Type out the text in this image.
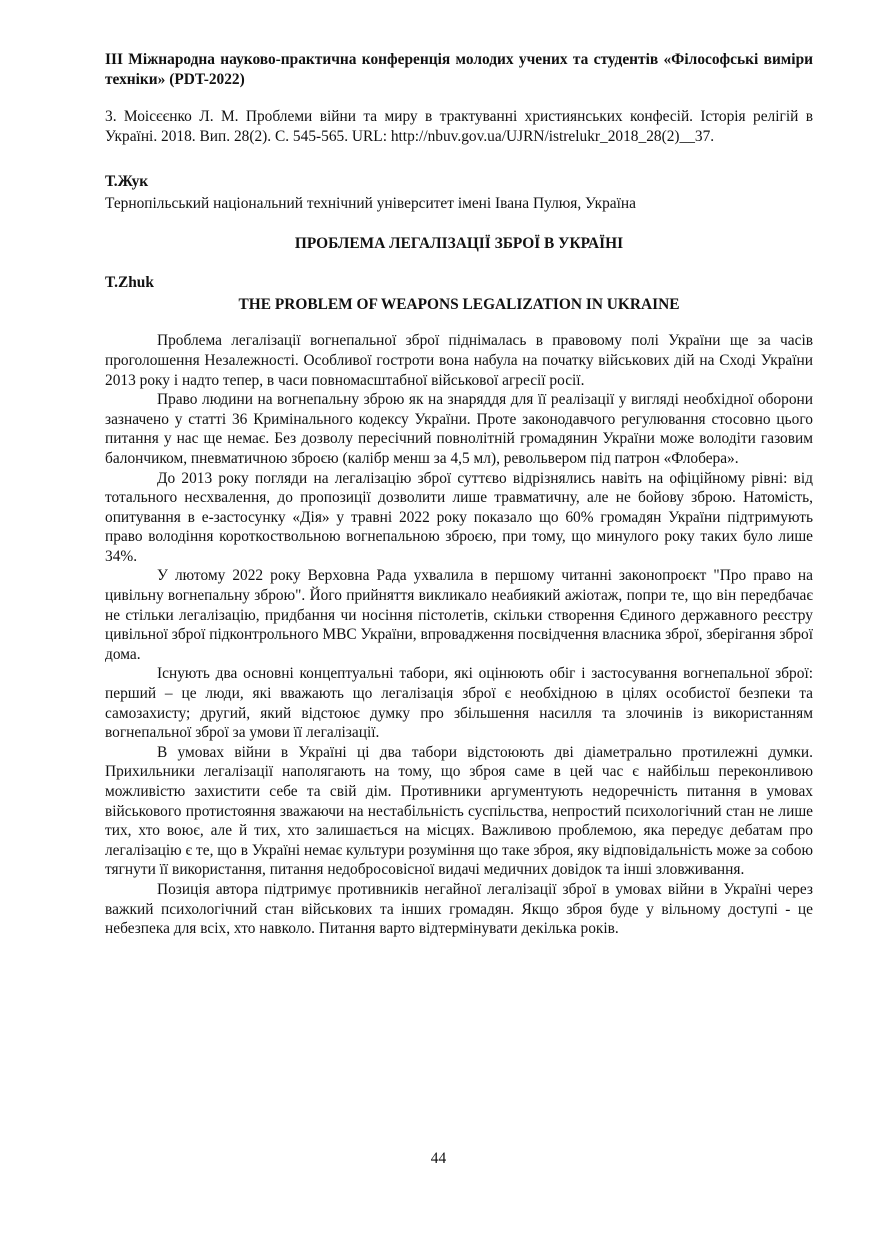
ІІІ Міжнародна науково-практична конференція молодих учених та студентів «Філософські виміри техніки» (PDT-2022)

3. Моісєєнко Л. М. Проблеми війни та миру в трактуванні християнських конфесій. Історія релігій в Україні. 2018. Вип. 28(2). С. 545-565. URL: http://nbuv.gov.ua/UJRN/istrelukr_2018_28(2)__37.

Т.Жук

Тернопільський національний технічний університет імені Івана Пулюя, Україна

ПРОБЛЕМА ЛЕГАЛІЗАЦІЇ ЗБРОЇ В УКРАЇНІ

T.Zhuk

THE PROBLEM OF WEAPONS LEGALIZATION IN UKRAINE

Проблема легалізації вогнепальної зброї піднімалась в правовому полі України ще за часів проголошення Незалежності. Особливої гостроти вона набула на початку військових дій на Сході України 2013 року і надто тепер, в часи повномасштабної військової агресії росії.

Право людини на вогнепальну зброю як на знаряддя для її реалізації у вигляді необхідної оборони зазначено у статті 36 Кримінального кодексу України. Проте законодавчого регулювання стосовно цього питання у нас ще немає. Без дозволу пересічний повнолітній громадянин України може володіти газовим балончиком, пневматичною зброєю (калібр менш за 4,5 мл), револьвером під патрон «Флобера».

До 2013 року погляди на легалізацію зброї суттєво відрізнялись навіть на офіційному рівні: від тотального несхвалення, до пропозиції дозволити лише травматичну, але не бойову зброю. Натомість, опитування в е-застосунку «Дія» у травні 2022 року показало що 60% громадян України підтримують право володіння короткоствольною вогнепальною зброєю, при тому, що минулого року таких було лише 34%.

У лютому 2022 року Верховна Рада ухвалила в першому читанні законопроєкт "Про право на цивільну вогнепальну зброю". Його прийняття викликало неабиякий ажіотаж, попри те, що він передбачає не стільки легалізацію, придбання чи носіння пістолетів, скільки створення Єдиного державного реєстру цивільної зброї підконтрольного МВС України, впровадження посвідчення власника зброї, зберігання зброї дома.

Існують два основні концептуальні табори, які оцінюють обіг і застосування вогнепальної зброї: перший – це люди, які вважають що легалізація зброї є необхідною в цілях особистої безпеки та самозахисту; другий, який відстоює думку про збільшення насилля та злочинів із використанням вогнепальної зброї за умови її легалізації.

В умовах війни в Україні ці два табори відстоюють дві діаметрально протилежні думки. Прихильники легалізації наполягають на тому, що зброя саме в цей час є найбільш переконливою можливістю захистити себе та свій дім. Противники аргументують недоречність питання в умовах військового протистояння зважаючи на нестабільність суспільства, непростий психологічний стан не лише тих, хто воює, але й тих, хто залишається на місцях. Важливою проблемою, яка передує дебатам про легалізацію є те, що в Україні немає культури розуміння що таке зброя, яку відповідальність може за собою тягнути її використання, питання недобросовісної видачі медичних довідок та інші зловживання.

Позиція автора підтримує противників негайної легалізації зброї в умовах війни в Україні через важкий психологічний стан військових та інших громадян. Якщо зброя буде у вільному доступі - це небезпека для всіх, хто навколо. Питання варто відтермінувати декілька років.

44
